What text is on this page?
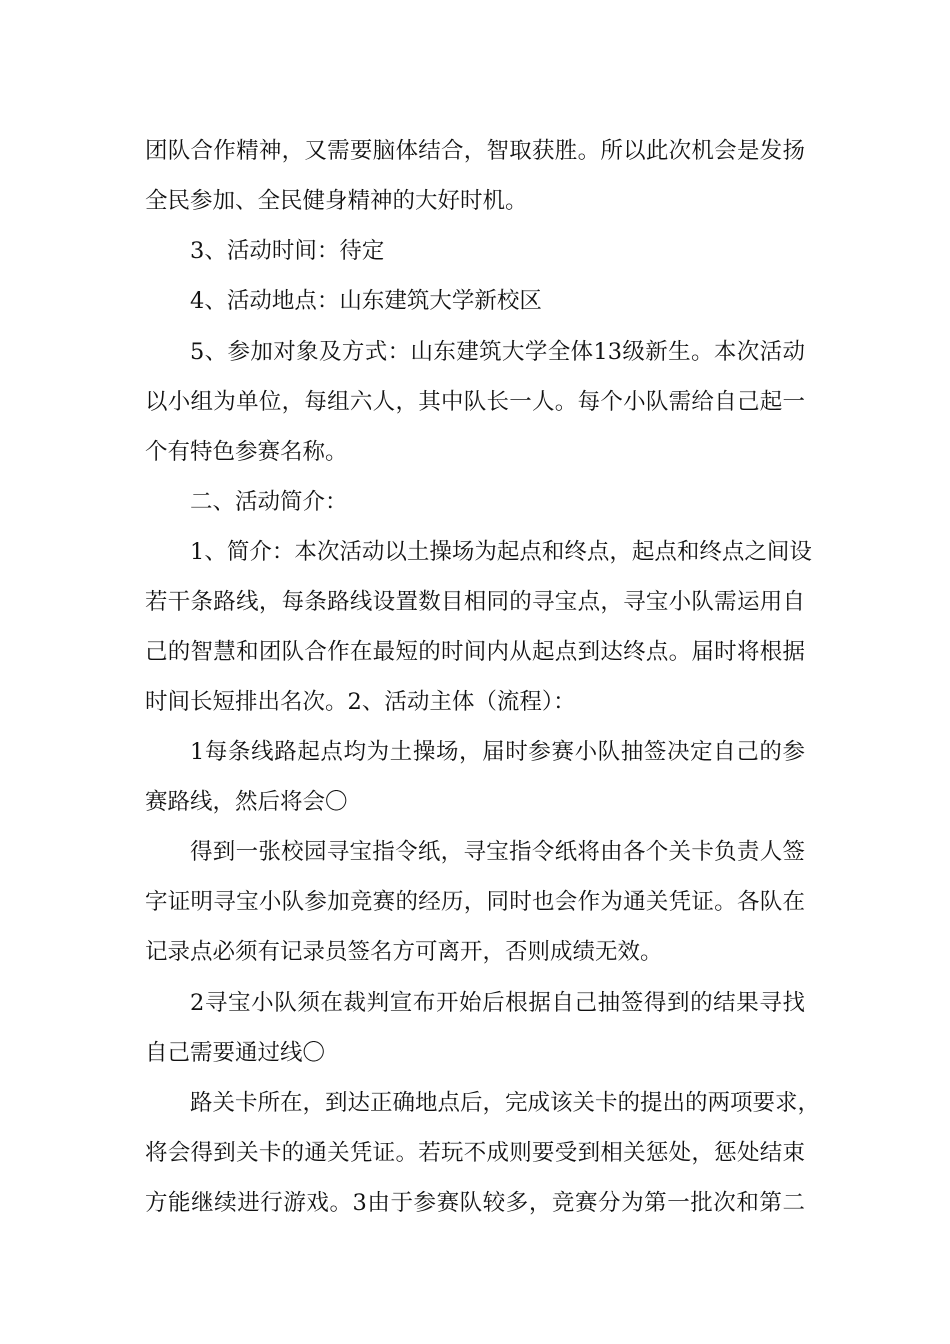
团队合作精神，又需要脑体结合，智取获胜。所以此次机会是发扬
全民参加、全民健身精神的大好时机。
3、活动时间：待定
4、活动地点：山东建筑大学新校区
5、参加对象及方式：山东建筑大学全体13级新生。本次活动
以小组为单位，每组六人，其中队长一人。每个小队需给自己起一
个有特色参赛名称。
二、活动简介：
1、简介：本次活动以土操场为起点和终点，起点和终点之间设
若干条路线，每条路线设置数目相同的寻宝点，寻宝小队需运用自
己的智慧和团队合作在最短的时间内从起点到达终点。届时将根据
时间长短排出名次。2、活动主体（流程）：
1每条线路起点均为土操场，届时参赛小队抽签决定自己的参
赛路线，然后将会〇
得到一张校园寻宝指令纸，寻宝指令纸将由各个关卡负责人签
字证明寻宝小队参加竞赛的经历，同时也会作为通关凭证。各队在
记录点必须有记录员签名方可离开，否则成绩无效。
2寻宝小队须在裁判宣布开始后根据自己抽签得到的结果寻找
自己需要通过线〇
路关卡所在，到达正确地点后，完成该关卡的提出的两项要求，
将会得到关卡的通关凭证。若玩不成则要受到相关惩处，惩处结束
方能继续进行游戏。3由于参赛队较多，竞赛分为第一批次和第二
